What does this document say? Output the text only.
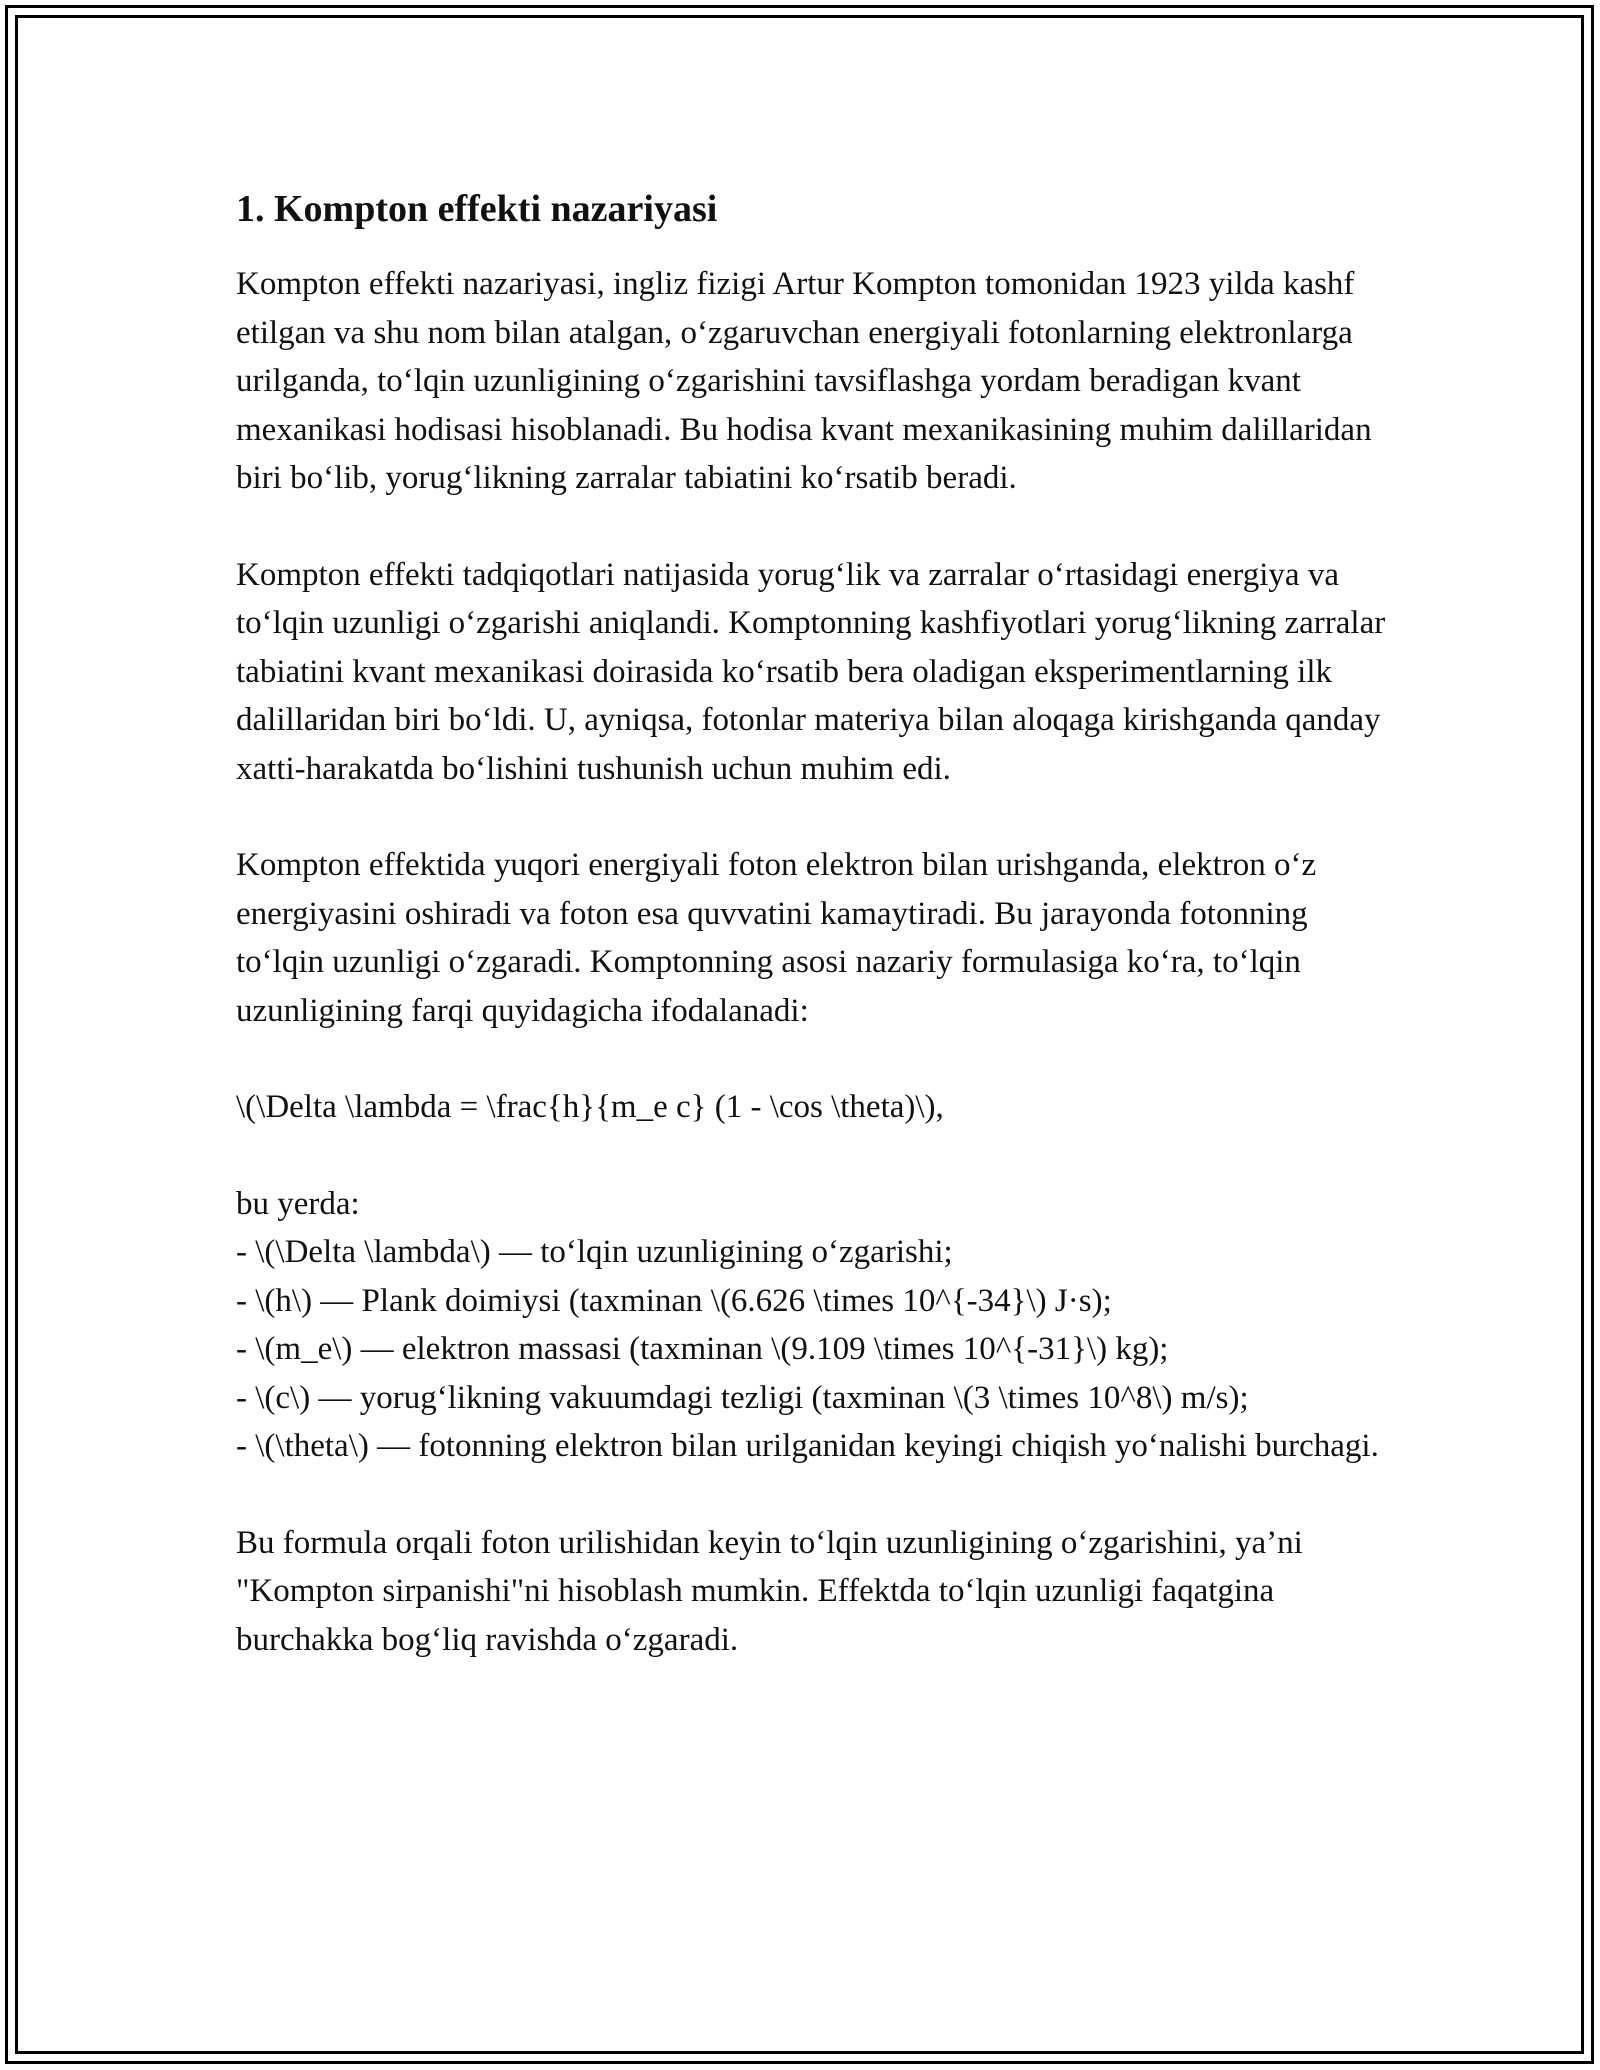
1. Kompton effekti nazariyasi

Kompton effekti nazariyasi, ingliz fizigi Artur Kompton tomonidan 1923 yilda kashf etilgan va shu nom bilan atalgan, o‘zgaruvchan energiyali fotonlarning elektronlarga urilganda, to‘lqin uzunligining o‘zgarishini tavsiflashga yordam beradigan kvant mexanikasi hodisasi hisoblanadi. Bu hodisa kvant mexanikasining muhim dalillaridan biri bo‘lib, yorug‘likning zarralar tabiatini ko‘rsatib beradi.

Kompton effekti tadqiqotlari natijasida yorug‘lik va zarralar o‘rtasidagi energiya va to‘lqin uzunligi o‘zgarishi aniqlandi. Komptonning kashfiyotlari yorug‘likning zarralar tabiatini kvant mexanikasi doirasida ko‘rsatib bera oladigan eksperimentlarning ilk dalillaridan biri bo‘ldi. U, ayniqsa, fotonlar materiya bilan aloqaga kirishganda qanday xatti-harakatda bo‘lishini tushunish uchun muhim edi.

Kompton effektida yuqori energiyali foton elektron bilan urishganda, elektron o‘z energiyasini oshiradi va foton esa quvvatini kamaytiradi. Bu jarayonda fotonning to‘lqin uzunligi o‘zgaradi. Komptonning asosi nazariy formulasiga ko‘ra, to‘lqin uzunligining farqi quyidagicha ifodalanadi:

\(\Delta \lambda = \frac{h}{m_e c} (1 - \cos \theta)\),

bu yerda:
- \(\Delta \lambda\) — to‘lqin uzunligining o‘zgarishi;
- \(h\) — Plank doimiysi (taxminan \(6.626 \times 10^{-34}\) J·s);
- \(m_e\) — elektron massasi (taxminan \(9.109 \times 10^{-31}\) kg);
- \(c\) — yorug‘likning vakuumdagi tezligi (taxminan \(3 \times 10^8\) m/s);
- \(\theta\) — fotonning elektron bilan urilganidan keyingi chiqish yo‘nalishi burchagi.

Bu formula orqali foton urilishidan keyin to‘lqin uzunligining o‘zgarishini, ya’ni "Kompton sirpanishi"ni hisoblash mumkin. Effektda to‘lqin uzunligi faqatgina burchakka bog‘liq ravishda o‘zgaradi.
